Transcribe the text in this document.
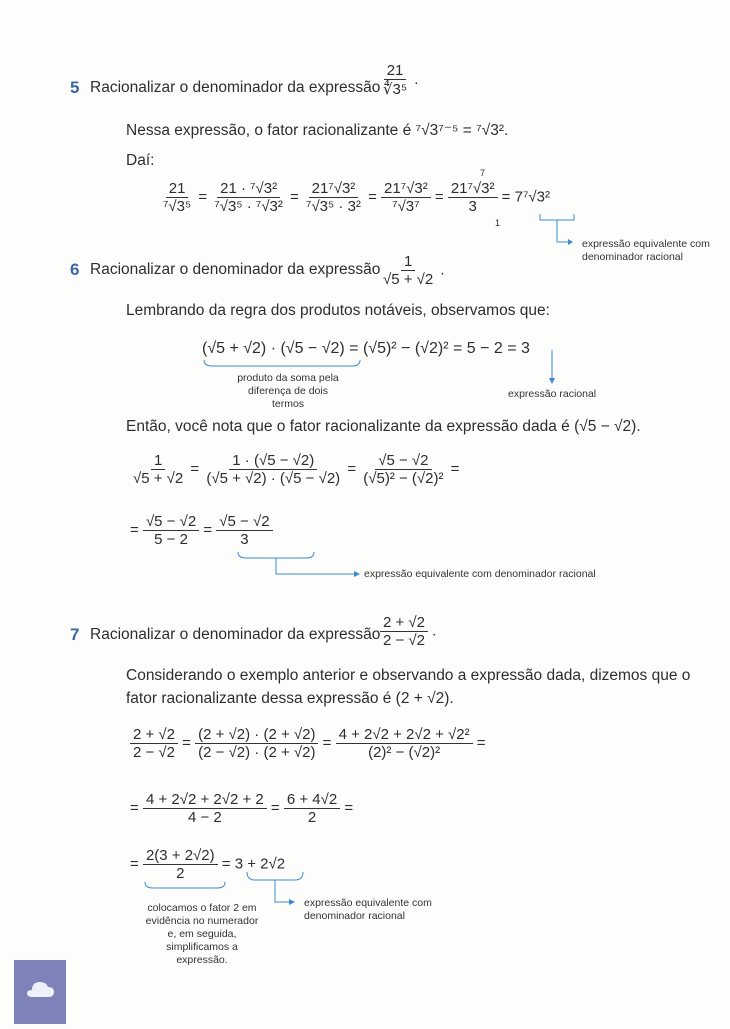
5 Racionalizar o denominador da expressão $\frac{21}{\text{∜3⁵}}$ .
Nessa expressão, o fator racionalizante é ⁷√3⁷⁻⁵ = ⁷√3².
Daí:
$\frac{21}{\text{⁷√3⁵}} = \frac{\text{21 · ⁷√3²}}{\text{⁷√3⁵ · ⁷√3²}} = \frac{\text{21⁷√3²}}{\text{⁷√3⁵ · 3²}} = \frac{\text{21⁷√3²}}{\text{⁷√3⁷}} = \frac{\text{21⁷√3²}}{3} = 7^7√3^2$
7
1
expressão equivalente com denominador racional
6 Racionalizar o denominador da expressão $\frac{1}{√5 + √2}$ .
Lembrando da regra dos produtos notáveis, observamos que:
(√5 + √2) · (√5 − √2) = (√5)² − (√2)² = 5 − 2 = 3
produto da soma pela diferença de dois termos
expressão racional
Então, você nota que o fator racionalizante da expressão dada é (√5 − √2).
$\frac{1}{√5 + √2} = \frac{1 \cdot (√5 - √2)}{(√5 + √2) \cdot (√5 - √2)} = \frac{√5 - √2}{\text{(√5)² − (√2)²}}$ =
= $\frac{√5 - √2}{5 - 2} = \frac{√5 - √2}{3}$
expressão equivalente com denominador racional
7 Racionalizar o denominador da expressão $\frac{2 + √2}{2 - √2}$ .
Considerando o exemplo anterior e observando a expressão dada, dizemos que o
fator racionalizante dessa expressão é (2 + √2).
$\frac{2 + √2}{2 - √2} = \frac{(2 + √2) \cdot (2 + √2)}{(2 - √2) \cdot (2 + √2)} = \frac{\text{4 + 2√2 + 2√2 + √2²}}{\text{(2)² − (√2)²}}$ =
= $\frac{4 + 2√2 + 2√2 + 2}{4 - 2} = \frac{6 + 4√2}{2}$ =
= $\frac{2(3 + 2√2)}{2} = 3 + 2√2$
colocamos o fator 2 em evidência no numerador e, em seguida, simplificamos a expressão.
expressão equivalente com denominador racional
